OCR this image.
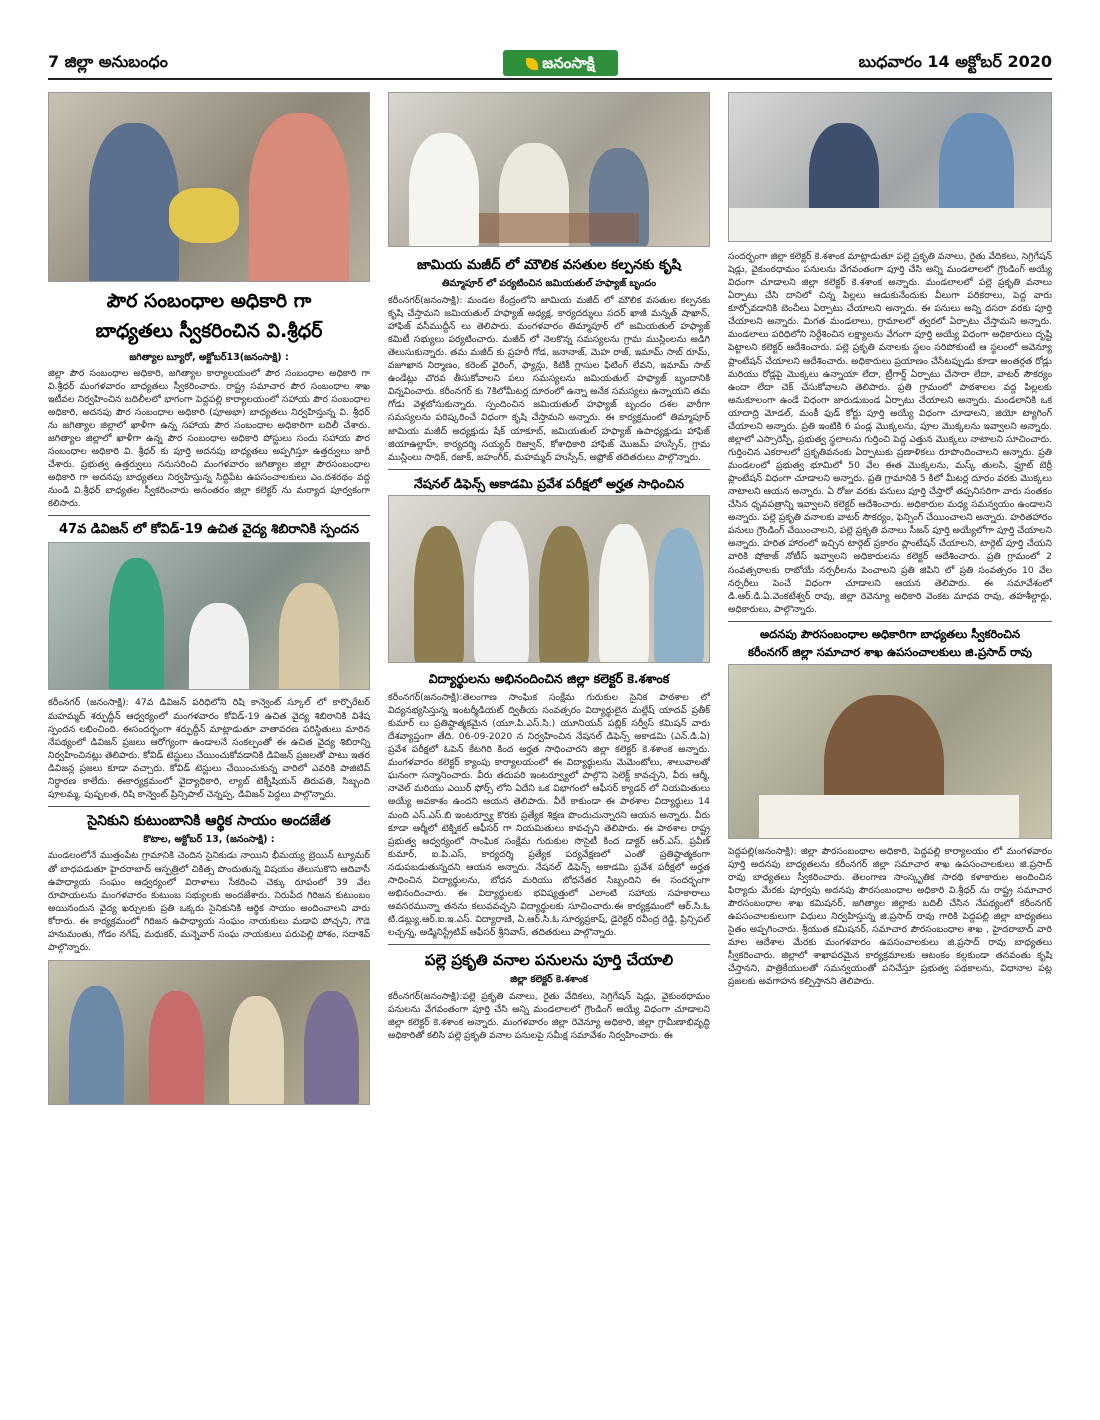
7 జిల్లా అనుబంధం	జనంసాక్షి	బుధవారం 14 అక్టోబర్ 2020
పౌర సంబంధాల అధికారి గా
బాధ్యతలు స్వీకరించిన వి.శ్రీధర్
జగిత్యాల బ్యూరో, అక్టోబర్13(జనంసాక్షి) :
జిల్లా పౌర సంబంధాల అధికారి, జగిత్యాల కార్యాలయంలో పౌర సంబంధాల అధికారి గా వి.శ్రీధర్ మంగళవారం బాధ్యతలు స్వీకరించారు. రాష్ట్ర సమాచార పౌర సంబంధాల శాఖ ఇటీవల నిర్వహించిన బదిలీలలో భాగంగా పెద్దపల్లి కార్యాలయంలో సహాయ పౌర సంబంధాల అధికారి, అదనపు పౌర సంబంధాల అధికారి (పూఅభా) బాధ్యతలు నిర్వహిస్తున్న వి. శ్రీధర్ ను జగిత్యాల జిల్లాలో ఖాళీగా ఉన్న సహాయ పౌర సంబంధాల అధికారిగా బదిలీ చేశారు. జగిత్యాల జిల్లాలో ఖాళీగా ఉన్న పౌర సంబంధాల అధికారి పోస్టులు సందు సహాయ పౌర సంబంధాల అధికారి వి. శ్రీధర్ కు పూర్తి అదనపు బాధ్యతలు అప్పగిస్తూ ఉత్తర్వులు జారీ చేశారు. ప్రభుత్వ ఉత్తర్వులు ననుసరించి మంగళవారం జగిత్యాల జిల్లా పౌరసంబంధాల అధికారి గా అదనపు బాధ్యతలు నిర్వహిస్తున్న సిద్దిపేట ఉపసంచాలకులు ఎం.దశరథం వద్ద నుండి వి.శ్రీధర్ బాధ్యతల స్వీకరించారు అనంతరం జిల్లా కలెక్టర్ ను మర్యాద పూర్వకంగా కలిసారు.
47వ డివిజన్ లో కోవిడ్-19 ఉచిత వైద్య శిబిరానికి స్పందన
కరీంనగర్ (జనంసాక్షి): 47వ డివిజన్ పరిధిలోని రిషి కాన్వెంట్ స్కూల్ లో కార్పొరేటర్ మహమ్మద్ శర్ఫుద్దీన్ ఆధ్వర్యంలో మంగళవారం కోవిడ్-19 ఉచిత వైద్య శిబిరానికి విశేష స్పందన లభించింది. ఈసందర్భంగా శర్ఫుద్దీన్ మాట్లాడుతూ వాతావరణ పరిస్థితులు మారిన నేపథ్యంలో డివిజన్ ప్రజలు ఆరోగ్యంగా ఉండాలనే సంకల్పంతో ఈ ఉచిత వైద్య శిబిరాన్ని నిర్వహించినట్లు తెలిపారు. కోవిడ్ టెస్టులు చేయించుకోవడానికి డివిజన్ ప్రజలతో పాటు ఇతర డివిజన్ల ప్రజలు కూడా వచ్చారు. కోవిడ్ టెస్టులు చేయించుకున్న వారిలో ఎవరికి పాజిటివ్ నిర్ధారణ కాలేదు. ఈకార్యక్రమంలో వైద్యాధికారి, ల్యాబ్ టెక్నీషియన్ తిరుపతి, సిబ్బంది పూలమ్మ, పుష్పలత, రిషి కాన్వెంట్ ప్రిన్సిపాల్ చెన్నప్ప, డివిజన్ పెద్దలు పాల్గొన్నారు.
సైనికుని కుటుంబానికి ఆర్థిక సాయం అందజేత
కొటాల, అక్టోబర్ 13, (జనంసాక్షి) :
మండలంలోనే ముత్తంపేట గ్రామానికి చెందిన సైనికుడు నాయిని భీమయ్య బ్రెయిన్ ట్యూమర్ తో బాధపడుతూ హైదరాబాద్ ఆస్పత్రిలో చికిత్స పొందుతున్న విషయం తెలుసుకొని ఆదివాసీ ఉపాధ్యాయ సంఘం ఆధ్వర్యంలో విరాళాలు సేకరించి చెక్కు రూపంలో 39 వేల రూపాయలను మంగళవారం కుటుంబ సభ్యులకు అందజేశారు. నిరుపేద గిరిజన కుటుంబం అయినందున వైద్య ఖర్చులకు ప్రతి ఒక్కరు సైనికునికి ఆర్థిక సాయం అందించాలని వారు కోరారు. ఈ కార్యక్రమంలో గిరిజన ఉపాధ్యాయ సంఘం నాయకులు మడావి పోచ్చని, గౌడె హనుమంతు, గోడం నగేష్, మధుకర్, మన్నెవార్ సంఘ నాయకులు పరుపెల్లి పోశం, సదాశివ్ పాల్గొన్నారు.
జామియ మజీద్ లో మౌలిక వసతుల కల్పనకు కృషి
తిమ్మాపూర్ లో పర్యటించిన జమియతుల్ హఫ్యాజ్ బృందం
కరీంనగర్(జనంసాక్షి): మండల కేంద్రంలోని జామియ మజీద్ లో మౌలిక వసతుల కల్పనకు కృషి చేస్తామని జమియతుల్ హఫ్యాజ్ అధ్యక్ష, కార్యదర్శులు సదర్ ఖాజీ మన్నత్ షాఖాన్, హాఫిజ్ వసీముద్దీన్ లు తెలిపారు. మంగళవారం తిమ్మాపూర్ లో జమియతుల్ హఫ్యాజ్ కమిటీ సభ్యులు పర్యటించారు. మజీద్ లో నెలకొన్న సమస్యలను గ్రామ ముస్లింలను అడిగి తెలుసుకున్నారు. తమ మజీద్ కు ప్రహరీ గోడ, జనానాజ్, మెహ రాజ్, ఇమామ్ సాబ్ రూమ్, వజూఖాన నిర్మాణం, కరెంట్ వైరింగ్, ఫ్యాన్లు, కిటికీ గ్లాసుల ఫిటింగ్ లేవని, ఇమామ్ సాబ్ ఉండేట్లు చొరవ తీసుకోవాలని పలు సమస్యలను జమియతుల్ హఫ్యాజ్ బృందానికి విన్నవించారు. కరీంనగర్ కు 7కిలోమీటర్ల దూరంలో ఉన్నా అనేక సమస్యలు ఉన్నాయని తమ గోడు వెళ్లబోసుకున్నారు. స్పందించిన జమియతుల్ హఫ్యాజ్ బృందం దశల వారీగా సమస్యలను పరిష్కరించే విధంగా కృషి చేస్తామని అన్నారు. ఈ కార్యక్రమంలో తిమ్మాపూర్ జామియ మజీద్ అధ్యక్షుడు షేక్ యాకూబ్, జమియతుల్ హఫ్యాజ్ ఉపాధ్యక్షుడు హాఫిజ్ జియాఉల్లాహ్, కార్యదర్శి సయ్యద్ రిజ్వాన్, కోశాధికారి హాఫిజ్ మొజమ్ హుస్సేన్, గ్రామ ముస్లింలు సాధిక్, రజాక్, జహంగీర్, మహమ్మద్ హుస్సేన్, అఫ్రోజ్ తదితరులు పాల్గొన్నారు.
నేషనల్ డిఫెన్స్ అకాడమి ప్రవేశ పరీక్షలో అర్హత సాధించిన
విద్యార్థులను అభినందించిన జిల్లా కలెక్టర్ కె.శశాంక
కరీంనగర్(జనంసాక్షి):తెలంగాణ సాంఘిక సంక్షేమ గురుకుల సైనిక పాఠశాల లో విద్యనభ్యసిస్తున్న ఇంటర్మీడియట్ ద్వితీయ సంవత్సరం విద్యార్థులైన మల్లేష్ యాదవ్ ప్రతీక్ కుమార్ లు ప్రతిష్ఠాత్మకమైన (యూ.పి.ఎస్.సి.) యూనియన్ పబ్లిక్ సర్వీస్ కమిషన్ వారు దేశవ్యాప్తంగా తేది. 06-09-2020 న నిర్వహించిన నేషనల్ డిఫెన్స్ అకాడమి (ఎన్.డి.ఏ) ప్రవేశ పరీక్షలో ఓపెన్ కేటగిరి కింద అర్హత సాధించారని జిల్లా కలెక్టర్ కె.శశాంక అన్నారు. మంగళవారం కలెక్టర్ క్యాంపు కార్యాలయంలో ఈ విద్యార్థులను మెమెంటోలు, శాలువాలతో ఘనంగా సన్మానించారు. వీరు తదుపరి ఇంటర్వ్యూలో పాల్గొని సెలెక్ట్ కావచ్చని, వీరు ఆర్మీ, నావెల్ మరియు ఎయిర్ ఫోర్స్ లోని ఏదేని ఒక విభాగంలో ఆఫీసర్ క్యాడర్ లో నియమితులు అయ్యే అవకాశం ఉందని ఆయన తెలిపారు. వీరే కాకుండా ఈ పాఠశాల విద్యార్థులు 14 మంది ఎస్.ఎస్.బి ఇంటర్వ్యూ కొరకు ప్రత్యేక శిక్షణ పొందుచున్నారని ఆయన అన్నారు. వీరు కూడా ఆర్మీలో టెక్నికల్ ఆఫీసర్ గా నియమితులు కావచ్చని తెలిపారు. ఈ పాఠశాల రాష్ట్ర ప్రభుత్వ ఆధ్వర్యంలో సాంఘిక సంక్షేమ గురుకుల సొసైటీ కింద డాక్టర్ ఆర్.ఎస్. ప్రవీణ్ కుమార్, ఐ.పి.ఎస్, కార్యదర్శి ప్రత్యేక పర్యవేక్షణలో ఎంతో ప్రతిష్ఠాత్మకంగా నడుపబడుతున్నదని ఆయన అన్నారు. నేషనల్ డిఫెన్స్ అకాడమి ప్రవేశ పరీక్షలో అర్హత సాధించిన విద్యార్థులను, బోధన మరియు బోధనేతర సిబ్బందిని ఈ సందర్భంగా అభినందించారు. ఈ విద్యార్థులకు భవిష్యత్తులో ఎలాంటి సహాయ సహకారాలు అవసరమున్నా తనను కలువవచ్చని విద్యార్థులకు సూచించారు.ఈ కార్యక్రమంలో ఆర్.సి.ఓ టి.డబ్ల్యు.ఆర్.ఐ.ఇ.ఎస్. విద్యారాణి, ఏ.ఆర్.సి.ఓ సూర్యప్రకాష్, డైరెక్టర్ రవీంద్ర రెడ్డి, ప్రిన్సిపల్ లచ్చన్న, అడ్మినిస్ట్రేటివ్ ఆఫీసర్ శ్రీనివాస్, తదితరులు పాల్గొన్నారు.
పల్లె ప్రకృతి వనాల పనులను పూర్తి చేయాలి
జిల్లా కలెక్టర్ కె.శశాంక
కరీంనగర్(జనంసాక్షి):పల్లె ప్రకృతి వనాలు, రైతు వేదికలు, సెగ్రిగేషన్ షెడ్లు, వైకుంఠధామం పనులను వేగవంతంగా పూర్తి చేసి అన్ని మండలాలలో గ్రౌండింగ్ అయ్యే విధంగా చూడాలని జిల్లా కలెక్టర్ కె.శశాంక అన్నారు. మంగళవారం జిల్లా రెవెన్యూ అధికారి, జిల్లా గ్రామీణాభివృద్ధి అధికారితో కలిసి పల్లె ప్రకృతి వనాల పనులపై సమీక్ష సమావేశం నిర్వహించారు. ఈ
సందర్భంగా జిల్లా కలెక్టర్ కె.శశాంక మాట్లాడుతూ పల్లె ప్రకృతి వనాలు, రైతు వేదికలు, సెగ్రిగేషన్ షెడ్లు, వైకుంఠధామం పనులను వేగవంతంగా పూర్తి చేసి అన్ని మండలాలలో గ్రౌండింగ్ అయ్యే విధంగా చూడాలని జిల్లా కలెక్టర్ కె.శశాంక అన్నారు. మండలాలలో పల్లె ప్రకృతి వనాలు ఏర్పాటు చేసి దానిలో చిన్న పిల్లలు ఆడుకునేందుకు వీలుగా పరికరాలు, పెద్ద వారు కూర్చోవడానికి బెంచీలు ఏర్పాటు చేయాలని అన్నారు. ఈ పనులు అన్ని దసరా వరకు పూర్తి చేయాలని అన్నారు. మిగత మండలాలు, గ్రామాలలో త్వరలో ఏర్పాటు చేస్తామని అన్నారు. మండలాలు పరిధిలోని నిర్దేశించిన లక్ష్యాలను వేగంగా పూర్తి అయ్యే విధంగా అధికారులు దృష్టి పెట్టాలని కలెక్టర్ ఆదేశించారు. పల్లె ప్రకృతి వనాలకు స్థలం సరిపోకుంటే ఆ స్థలంలో అవెన్యూ ప్లాంటేషన్ చేయాలని ఆదేశించారు. అధికారులు ప్రయాణం చేసేటప్పుడు కూడా అంతర్గత రోడ్లు మరియు రోడ్లపై మొక్కలు ఉన్నాయా లేదా, ట్రీగార్డ్ ఏర్పాటు చేసారా లేదా, వాటర్ సౌకర్యం ఉందా లేదా చెక్ చేసుకోవాలని తెలిపారు. ప్రతి గ్రామంలో పాఠశాలల వద్ద పిల్లలకు అనుకూలంగా ఉండే విధంగా జారుడుబండ ఏర్పాటు చేయాలని అన్నారు. మండలానికి ఒక యాదాద్రి మోడల్, మంకీ ఫుడ్ కోర్టు పూర్తి అయ్యే విధంగా చూడాలని, జియో ట్యాగింగ్ చేయాలని అన్నారు. ప్రతి ఇంటికి 6 పండ్ల మొక్కలను, పూల మొక్కలను ఇవ్వాలని అన్నారు. జిల్లాలో ఎస్సారెస్పీ, ప్రభుత్వ స్థలాలను గుర్తించి పెద్ద ఎత్తున మొక్కలు నాటాలని సూచించారు. గుర్తించిన ఎకరాలలో ప్రకృతివనంకు ఏర్పాటుకు ప్రణాళికలు రూపొందించాలని అన్నారు. ప్రతి మండలంలో ప్రభుత్వ భూమిలో 50 వేల ఈత మొక్కలను, మస్క్ తులసి, ఫ్రూట్ బెర్రీ ప్లాంటేషన్ విధంగా చూడాలని అన్నారు. ప్రతి గ్రామానికి 5 కిలో మీటర్ల దూరం వరకు మొక్కలు నాటాలని ఆయన అన్నారు. ఏ రోజు వరకు పనులు పూర్తి చేస్తారో తప్పనిసరిగా వారు సంతకం చేసిన ధృవపత్రాన్ని ఇవ్వాలని కలెక్టర్ ఆదేశించారు. అధికారుల మధ్య సమన్వయం ఉండాలని అన్నారు. పల్లె ప్రకృతి వనాలకు వాటర్ సౌకర్యం, ఫెన్సింగ్ చేయించాలని అన్నారు. హరితహారం పనులు గ్రౌండింగ్ చేయించాలని, పల్లె ప్రకృతి వనాలు సీజన్ పూర్తి అయ్యేలోగా పూర్తి చేయాలని అన్నారు. హరిత హారంలో ఇచ్చిన టార్గెట్ ప్రకారం ప్లాంటేషన్ చేయాలని, టార్గెట్ పూర్తి చేయని వారికి షోకాజ్ నోటీస్ ఇవ్వాలని అధికారులను కలెక్టర్ ఆదేశించారు. ప్రతి గ్రామంలో 2 సంవత్సరాలకు రాబోయే నర్సరీలను పెంచాలని ప్రతి జిపిని లో ప్రతి సంవత్సరం 10 వేల నర్సరీలు పెంచే విధంగా చూడాలని ఆయన తెలిపారు. ఈ సమావేశంలో డి.ఆర్.డి.ఏ.వెంకటేశ్వర్ రావు, జిల్లా రెవెన్యూ అధికారి వెంకట మాధవ రావు, తహశీల్దార్లు, అధికారులు, పాల్గొన్నారు.
అదనపు పౌరసంబంధాల అధికారిగా బాధ్యతలు స్వీకరించిన
కరీంనగర్ జిల్లా సమాచార శాఖ ఉపసంచాలకులు జి.ప్రసాద్ రావు
పెద్దపల్లి(జనంసాక్షి): జిల్లా పౌరసంబంధాల అధికారి, పెద్దపల్లి కార్యాలయం లో మంగళవారం పూర్తి అదనపు బాధ్యతలను కరీంనగర్ జిల్లా సమాచార శాఖ ఉపసంచాలకులు జి.ప్రసాద్ రావు బాధ్యతలు స్వీకరించారు. తెలంగాణ సాంస్కృతిక సారథి కళాకారుల అందించిన ఫిర్యాదు మేరకు పూర్వపు అదనపు పౌరసంబంధాల అధికారి వి.శ్రీధర్ ను రాష్ట్ర సమాచార పౌరసంబంధాల శాఖ కమిషనర్, జగిత్యాల జిల్లాకు బదిలీ చేసిన నేపథ్యంలో కరీంనగర్ ఉపసంచాలకులుగా విధులు నిర్వహిస్తున్న జి.ప్రసాద్ రావు గారికి పెద్దపల్లి జిల్లా బాధ్యతలు సైతం అప్పగించారు. శ్రీయుత కమిషనర్, సమాచార పౌరసంబంధాల శాఖ , హైదరాబాద్ వారి మాల ఆదేశాల మేరకు మంగళవారం ఉపసంచాలకులు జి.ప్రసాద్ రావు బాధ్యతలు స్వీకరించారు. జిల్లాలో శాఖాపరమైన కార్యక్రమాలకు ఆటంకం కల్గకుండా తనవంతు కృషి చేస్తానని, పాత్రికేయులతో సమన్వయంతో పనిచేస్తూ ప్రభుత్వ పథకాలను, విధానాల పట్ల ప్రజలకు అవగాహన కల్పిస్తానని తెలిపారు.
